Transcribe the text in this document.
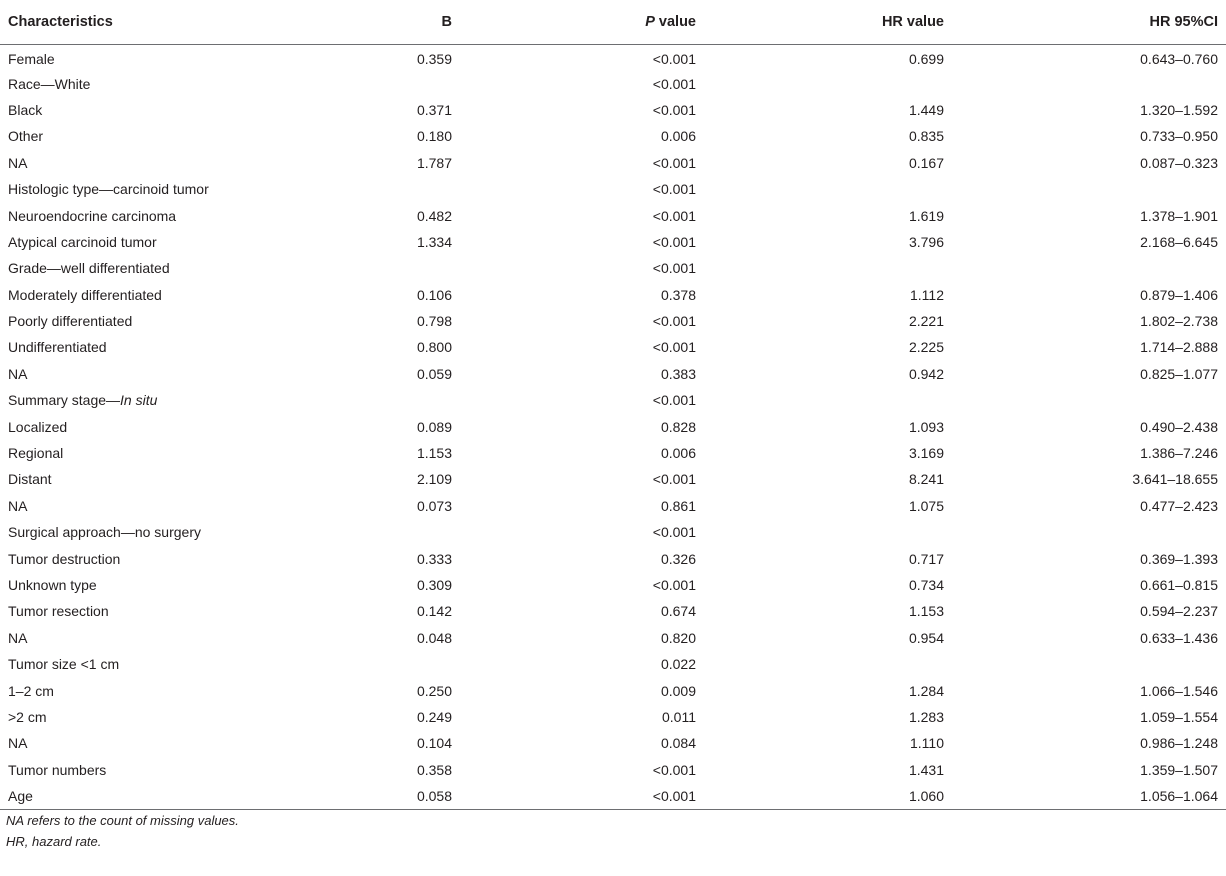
Characteristics	B	P value	HR value	HR 95%CI
Female	0.359	<0.001	0.699	0.643–0.760
Race—White		<0.001		
Black	0.371	<0.001	1.449	1.320–1.592
Other	0.180	0.006	0.835	0.733–0.950
NA	1.787	<0.001	0.167	0.087–0.323
Histologic type—carcinoid tumor		<0.001		
Neuroendocrine carcinoma	0.482	<0.001	1.619	1.378–1.901
Atypical carcinoid tumor	1.334	<0.001	3.796	2.168–6.645
Grade—well differentiated		<0.001		
Moderately differentiated	0.106	0.378	1.112	0.879–1.406
Poorly differentiated	0.798	<0.001	2.221	1.802–2.738
Undifferentiated	0.800	<0.001	2.225	1.714–2.888
NA	0.059	0.383	0.942	0.825–1.077
Summary stage—In situ		<0.001		
Localized	0.089	0.828	1.093	0.490–2.438
Regional	1.153	0.006	3.169	1.386–7.246
Distant	2.109	<0.001	8.241	3.641–18.655
NA	0.073	0.861	1.075	0.477–2.423
Surgical approach—no surgery		<0.001		
Tumor destruction	0.333	0.326	0.717	0.369–1.393
Unknown type	0.309	<0.001	0.734	0.661–0.815
Tumor resection	0.142	0.674	1.153	0.594–2.237
NA	0.048	0.820	0.954	0.633–1.436
Tumor size <1 cm		0.022		
1–2 cm	0.250	0.009	1.284	1.066–1.546
>2 cm	0.249	0.011	1.283	1.059–1.554
NA	0.104	0.084	1.110	0.986–1.248
Tumor numbers	0.358	<0.001	1.431	1.359–1.507
Age	0.058	<0.001	1.060	1.056–1.064
NA refers to the count of missing values.
HR, hazard rate.
